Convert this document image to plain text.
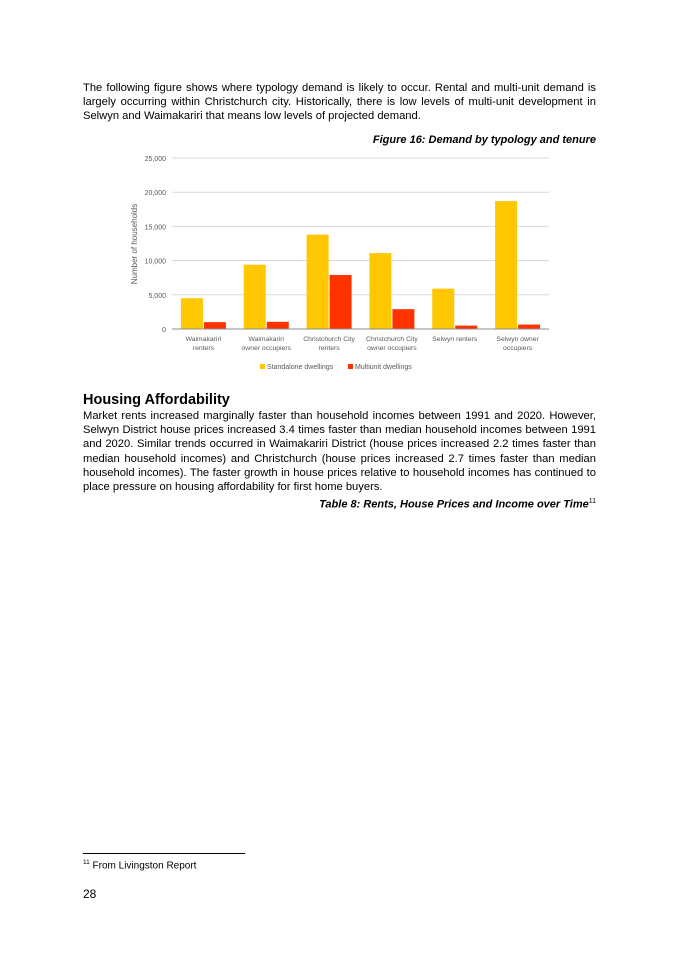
The following figure shows where typology demand is likely to occur. Rental and multi-unit demand is largely occurring within Christchurch city. Historically, there is low levels of multi-unit development in Selwyn and Waimakariri that means low levels of projected demand.

Figure 16: Demand by typology and tenure
0
5,000
10,000
15,000
20,000
25,000
Waimakariri
renters
Waimakariri
owner occupiers
Christchurch City
renters
Christchurch City
owner occupiers
Selwyn renters	Selwyn owner
occupiers
Number of households
Standalone dwellings	Multiunit dwellings
Housing Affordability

Market rents increased marginally faster than household incomes between 1991 and 2020. However, Selwyn District house prices increased 3.4 times faster than median household incomes between 1991 and 2020. Similar trends occurred in Waimakariri District (house prices increased 2.2 times faster than median household incomes) and Christchurch (house prices increased 2.7 times faster than median household incomes). The faster growth in house prices relative to household incomes has continued to place pressure on housing affordability for first home buyers.

Table 8: Rents, House Prices and Income over Time$^{11}$
$^{11}$ From Livingston Report
28
